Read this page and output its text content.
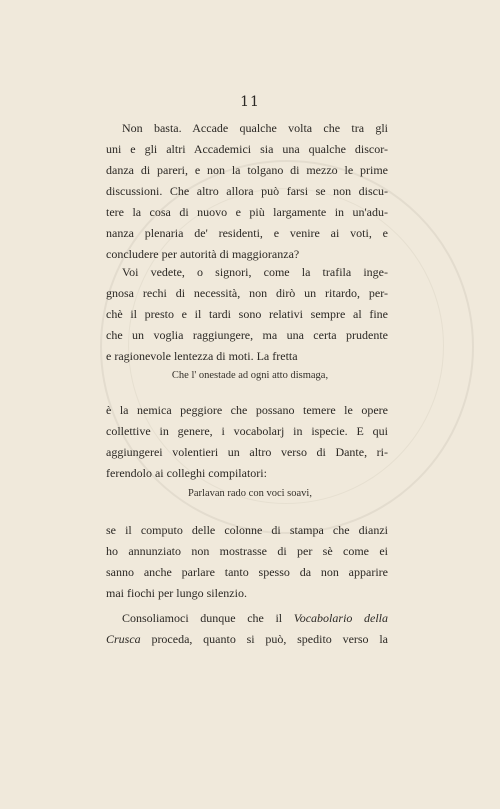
11
Non basta. Accade qualche volta che tra gli
uni e gli altri Accademici sia una qualche discor-
danza di pareri, e non la tolgano di mezzo le prime
discussioni. Che altro allora può farsi se non discu-
tere la cosa di nuovo e più largamente in un'adu-
nanza plenaria de' residenti, e venire ai voti, e
concludere per autorità di maggioranza?
Voi vedete, o signori, come la trafila inge-
gnosa rechi di necessità, non dirò un ritardo, per-
chè il presto e il tardi sono relativi sempre al fine
che un voglia raggiungere, ma una certa prudente
e ragionevole lentezza di moti. La fretta
Che l' onestade ad ogni atto dismaga,
è la nemica peggiore che possano temere le opere
collettive in genere, i vocabolarj in ispecie. E qui
aggiungerei volentieri un altro verso di Dante, ri-
ferendolo ai colleghi compilatori:
Parlavan rado con voci soavi,
se il computo delle colonne di stampa che dianzi
ho annunziato non mostrasse di per sè come ei
sanno anche parlare tanto spesso da non apparire
mai fiochi per lungo silenzio.
Consoliamoci dunque che il Vocabolario della
Crusca proceda, quanto si può, spedito verso la
